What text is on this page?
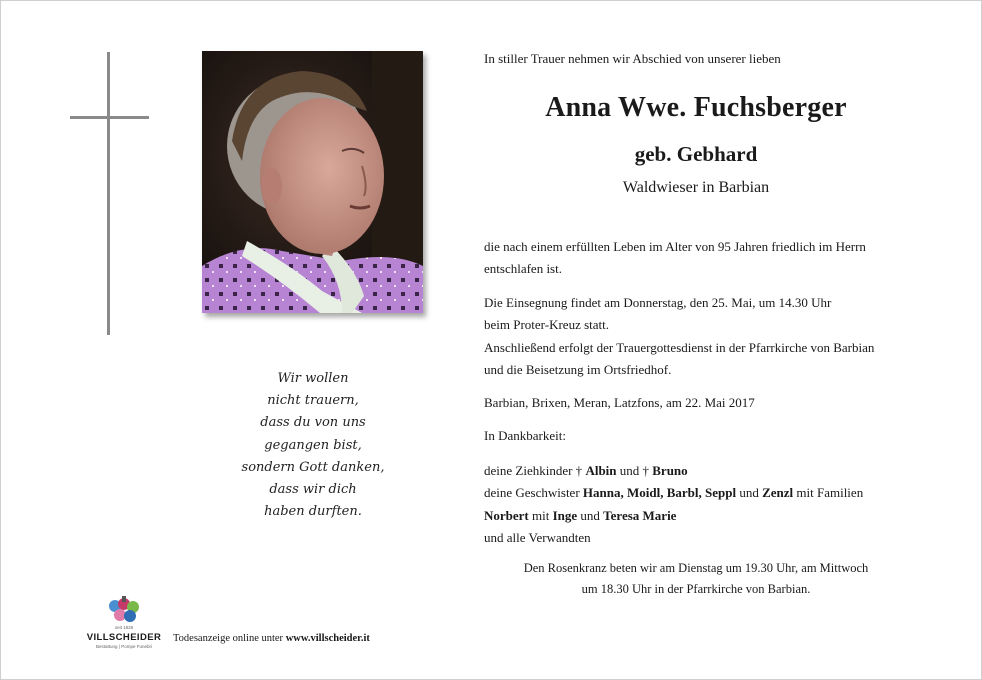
Wir wollen
nicht trauern,
dass du von uns
gegangen bist,
sondern Gott danken,
dass wir dich
haben durften.
In stiller Trauer nehmen wir Abschied von unserer lieben
Anna Wwe. Fuchsberger
geb. Gebhard
Waldwieser in Barbian
die nach einem erfüllten Leben im Alter von 95 Jahren friedlich im Herrn
entschlafen ist.
Die Einsegnung findet am Donnerstag, den 25. Mai, um 14.30 Uhr
beim Proter-Kreuz statt.
Anschließend erfolgt der Trauergottesdienst in der Pfarrkirche von Barbian
und die Beisetzung im Ortsfriedhof.
Barbian, Brixen, Meran, Latzfons, am 22. Mai 2017
In Dankbarkeit:
deine Ziehkinder † Albin und † Bruno
deine Geschwister Hanna, Moidl, Barbl, Seppl und Zenzl mit Familien
Norbert mit Inge und Teresa Marie
und alle Verwandten
Den Rosenkranz beten wir am Dienstag um 19.30 Uhr, am Mittwoch
um 18.30 Uhr in der Pfarrkirche von Barbian.
seit 1829
VILLSCHEIDER
Bestattung | Pompe Funebri
Todesanzeige online unter www.villscheider.it
